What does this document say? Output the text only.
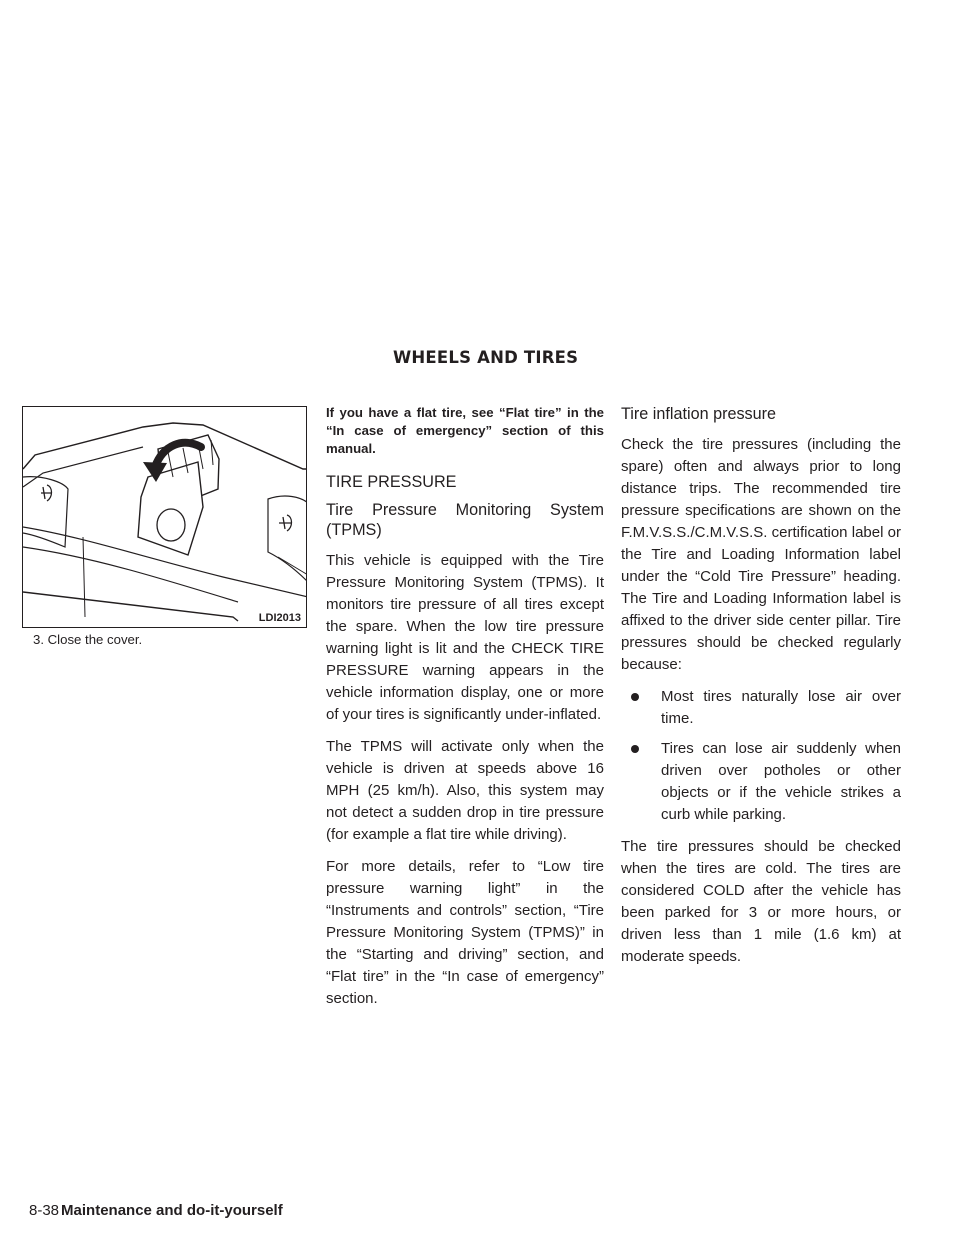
WHEELS AND TIRES
LDI2013
3. Close the cover.

If you have a flat tire, see “Flat tire” in the “In case of emergency” section of this manual.

TIRE PRESSURE
Tire Pressure Monitoring System (TPMS)

This vehicle is equipped with the Tire Pressure Monitoring System (TPMS). It monitors tire pressure of all tires except the spare. When the low tire pressure warning light is lit and the CHECK TIRE PRESSURE warning appears in the vehicle information display, one or more of your tires is significantly under-inflated.

The TPMS will activate only when the vehicle is driven at speeds above 16 MPH (25 km/h). Also, this system may not detect a sudden drop in tire pressure (for example a flat tire while driving).

For more details, refer to “Low tire pressure warning light” in the “Instruments and controls” section, “Tire Pressure Monitoring System (TPMS)” in the “Starting and driving” section, and “Flat tire” in the “In case of emergency” section.

Tire inflation pressure

Check the tire pressures (including the spare) often and always prior to long distance trips. The recommended tire pressure specifications are shown on the F.M.V.S.S./C.M.V.S.S. certification label or the Tire and Loading Information label under the “Cold Tire Pressure” heading. The Tire and Loading Information label is affixed to the driver side center pillar. Tire pressures should be checked regularly because:

Most tires naturally lose air over time.
Tires can lose air suddenly when driven over potholes or other objects or if the vehicle strikes a curb while parking.

The tire pressures should be checked when the tires are cold. The tires are considered COLD after the vehicle has been parked for 3 or more hours, or driven less than 1 mile (1.6 km) at moderate speeds.

8-38 Maintenance and do-it-yourself
